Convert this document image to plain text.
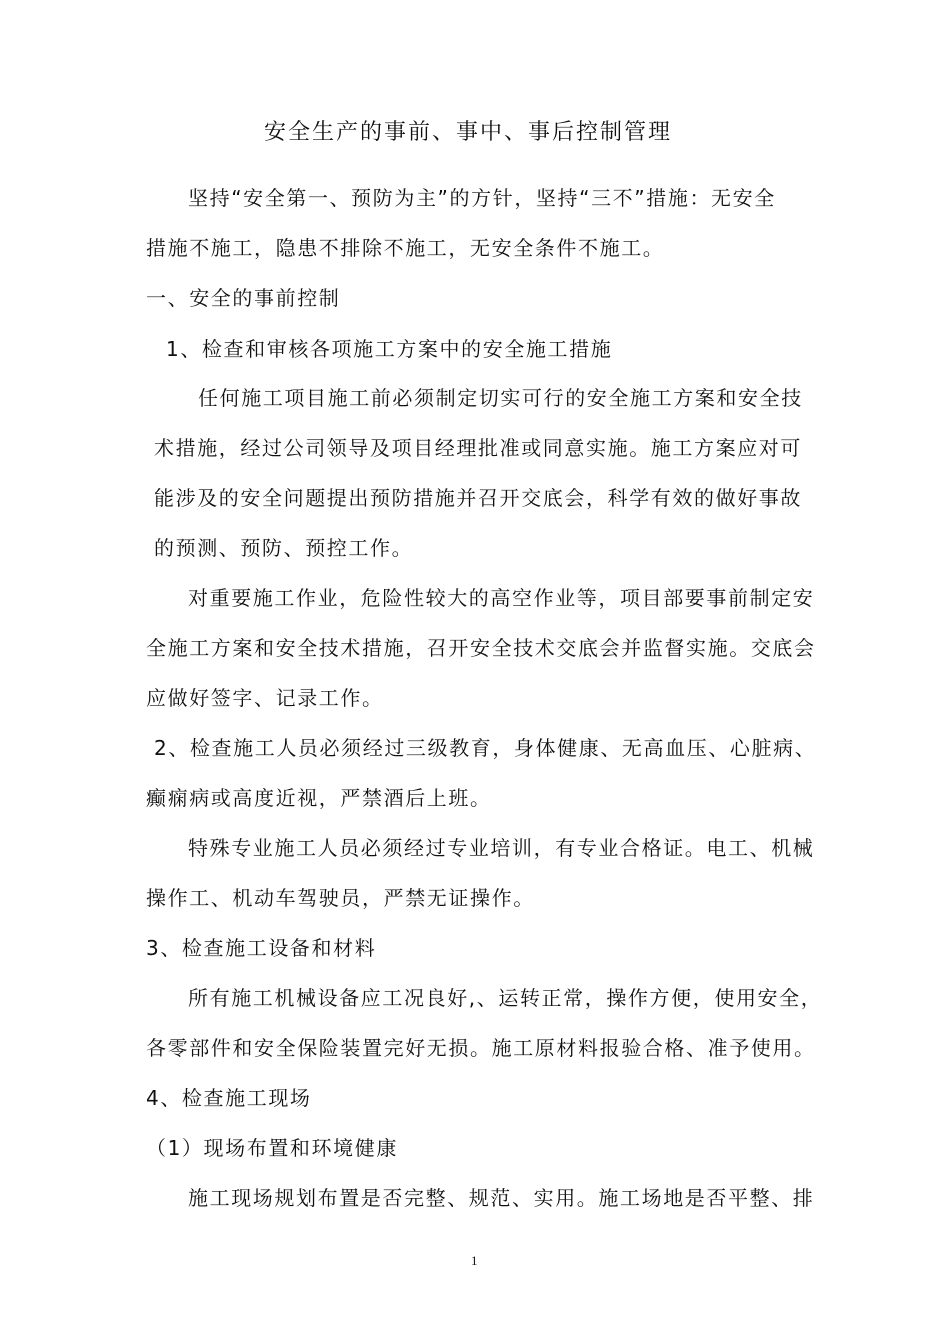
安全生产的事前、事中、事后控制管理
坚持“安全第一、预防为主”的方针，坚持“三不”措施：无安全
措施不施工，隐患不排除不施工，无安全条件不施工。
一、安全的事前控制
1、检查和审核各项施工方案中的安全施工措施
任何施工项目施工前必须制定切实可行的安全施工方案和安全技
术措施，经过公司领导及项目经理批准或同意实施。施工方案应对可
能涉及的安全问题提出预防措施并召开交底会，科学有效的做好事故
的预测、预防、预控工作。
对重要施工作业，危险性较大的高空作业等，项目部要事前制定安
全施工方案和安全技术措施，召开安全技术交底会并监督实施。交底会
应做好签字、记录工作。
2、检查施工人员必须经过三级教育，身体健康、无高血压、心脏病、
癫痫病或高度近视，严禁酒后上班。
特殊专业施工人员必须经过专业培训，有专业合格证。电工、机械
操作工、机动车驾驶员，严禁无证操作。
3、检查施工设备和材料
所有施工机械设备应工况良好,、运转正常，操作方便，使用安全，
各零部件和安全保险装置完好无损。施工原材料报验合格、准予使用。
4、检查施工现场
（1）现场布置和环境健康
施工现场规划布置是否完整、规范、实用。施工场地是否平整、排
1
